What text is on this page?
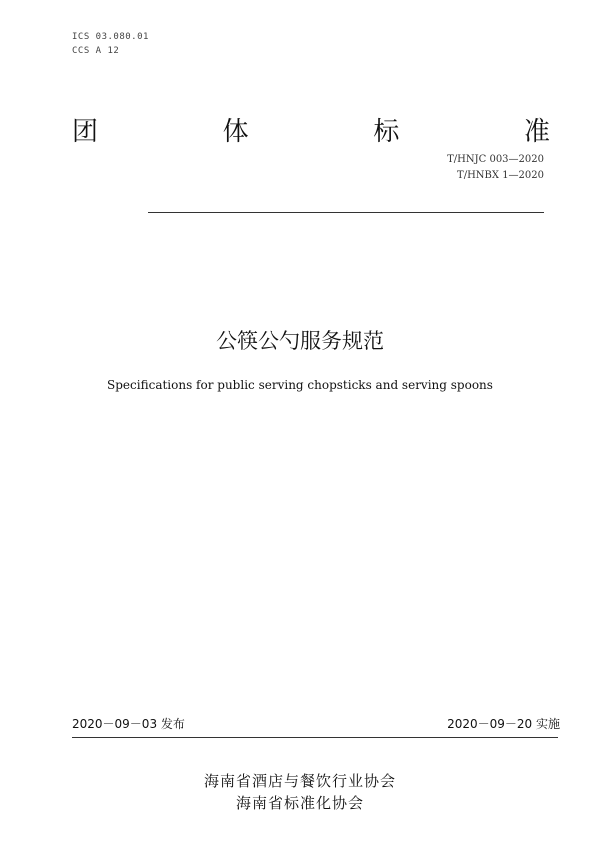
ICS 03.080.01
CCS A 12
团	体	标	准
T/HNJC 003—2020
T/HNBX 1—2020
公筷公勺服务规范
Specifications for public serving chopsticks and serving spoons
2020－09－03 发布	2020－09－20 实施
海南省酒店与餐饮行业协会
海南省标准化协会
